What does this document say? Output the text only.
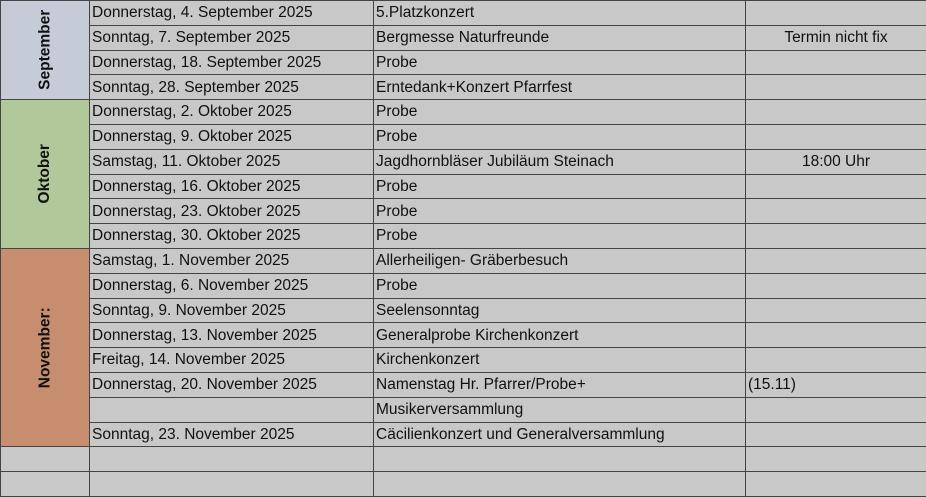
September	Donnerstag, 4. September 2025	5.Platzkonzert	
	Sonntag, 7. September 2025	Bergmesse Naturfreunde	Termin nicht fix
	Donnerstag, 18. September 2025	Probe	
	Sonntag, 28. September 2025	Erntedank+Konzert Pfarrfest	
Oktober	Donnerstag, 2. Oktober 2025	Probe	
	Donnerstag, 9. Oktober 2025	Probe	
	Samstag, 11. Oktober 2025	Jagdhornbläser Jubiläum Steinach	18:00 Uhr
	Donnerstag, 16. Oktober 2025	Probe	
	Donnerstag, 23. Oktober 2025	Probe	
	Donnerstag, 30. Oktober 2025	Probe	
November:	Samstag, 1. November 2025	Allerheiligen- Gräberbesuch	
	Donnerstag, 6. November 2025	Probe	
	Sonntag, 9. November 2025	Seelensonntag	
	Donnerstag, 13. November 2025	Generalprobe Kirchenkonzert	
	Freitag, 14. November 2025	Kirchenkonzert	
	Donnerstag, 20. November 2025	Namenstag Hr. Pfarrer/Probe+	(15.11)
		Musikerversammlung	
	Sonntag, 23. November 2025	Cäcilienkonzert und Generalversammlung	
